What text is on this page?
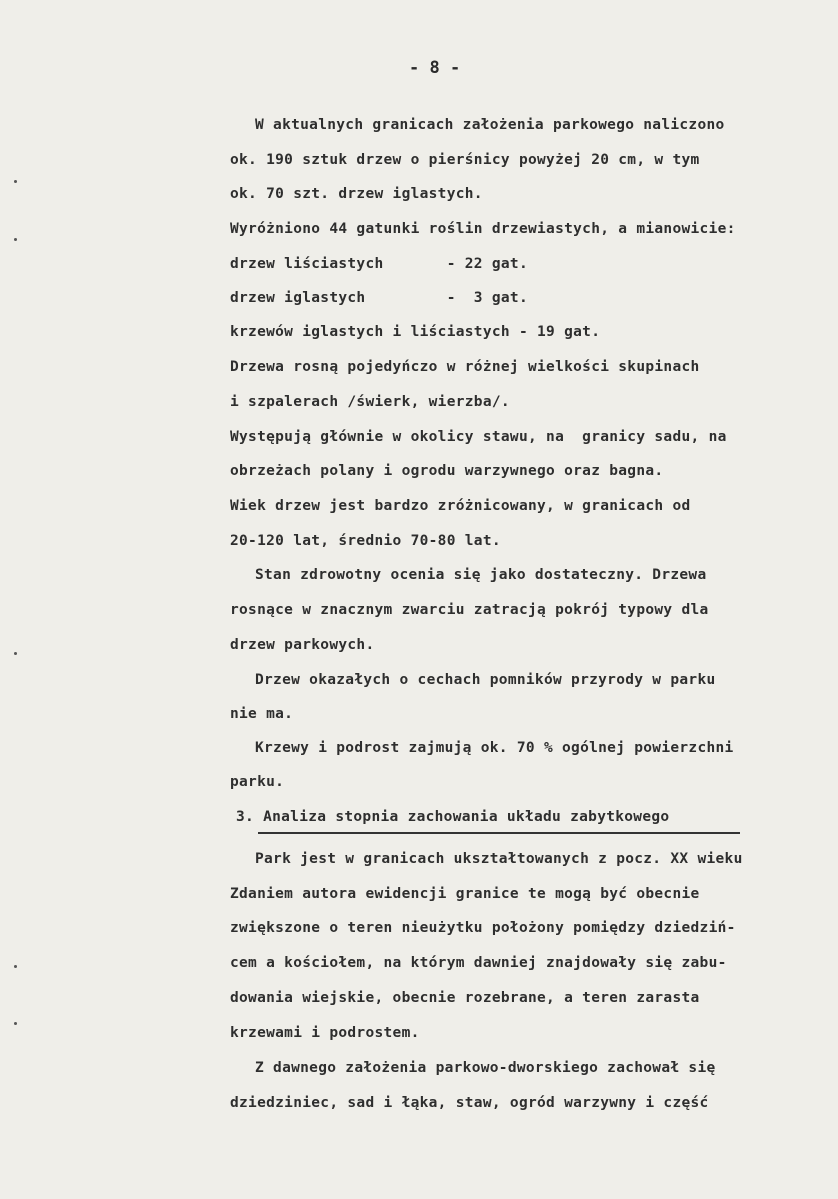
- 8 -
W aktualnych granicach założenia parkowego naliczono
ok. 190 sztuk drzew o pierśnicy powyżej 20 cm, w tym
ok. 70 szt. drzew iglastych.
Wyróżniono 44 gatunki roślin drzewiastych, a mianowicie:
drzew liściastych       - 22 gat.
drzew iglastych         -  3 gat.
krzewów iglastych i liściastych - 19 gat.
Drzewa rosną pojedyńczo w różnej wielkości skupinach
i szpalerach /świerk, wierzba/.
Występują głównie w okolicy stawu, na  granicy sadu, na
obrzeżach polany i ogrodu warzywnego oraz bagna.
Wiek drzew jest bardzo zróżnicowany, w granicach od
20-120 lat, średnio 70-80 lat.
Stan zdrowotny ocenia się jako dostateczny. Drzewa
rosnące w znacznym zwarciu zatracją pokrój typowy dla
drzew parkowych.
Drzew okazałych o cechach pomników przyrody w parku
nie ma.
Krzewy i podrost zajmują ok. 70 % ogólnej powierzchni
parku.
3. Analiza stopnia zachowania układu zabytkowego
Park jest w granicach ukształtowanych z pocz. XX wieku
Zdaniem autora ewidencji granice te mogą być obecnie
zwiększone o teren nieużytku położony pomiędzy dziedziń-
cem a kościołem, na którym dawniej znajdowały się zabu-
dowania wiejskie, obecnie rozebrane, a teren zarasta
krzewami i podrostem.
Z dawnego założenia parkowo-dworskiego zachował się
dziedziniec, sad i łąka, staw, ogród warzywny i część
